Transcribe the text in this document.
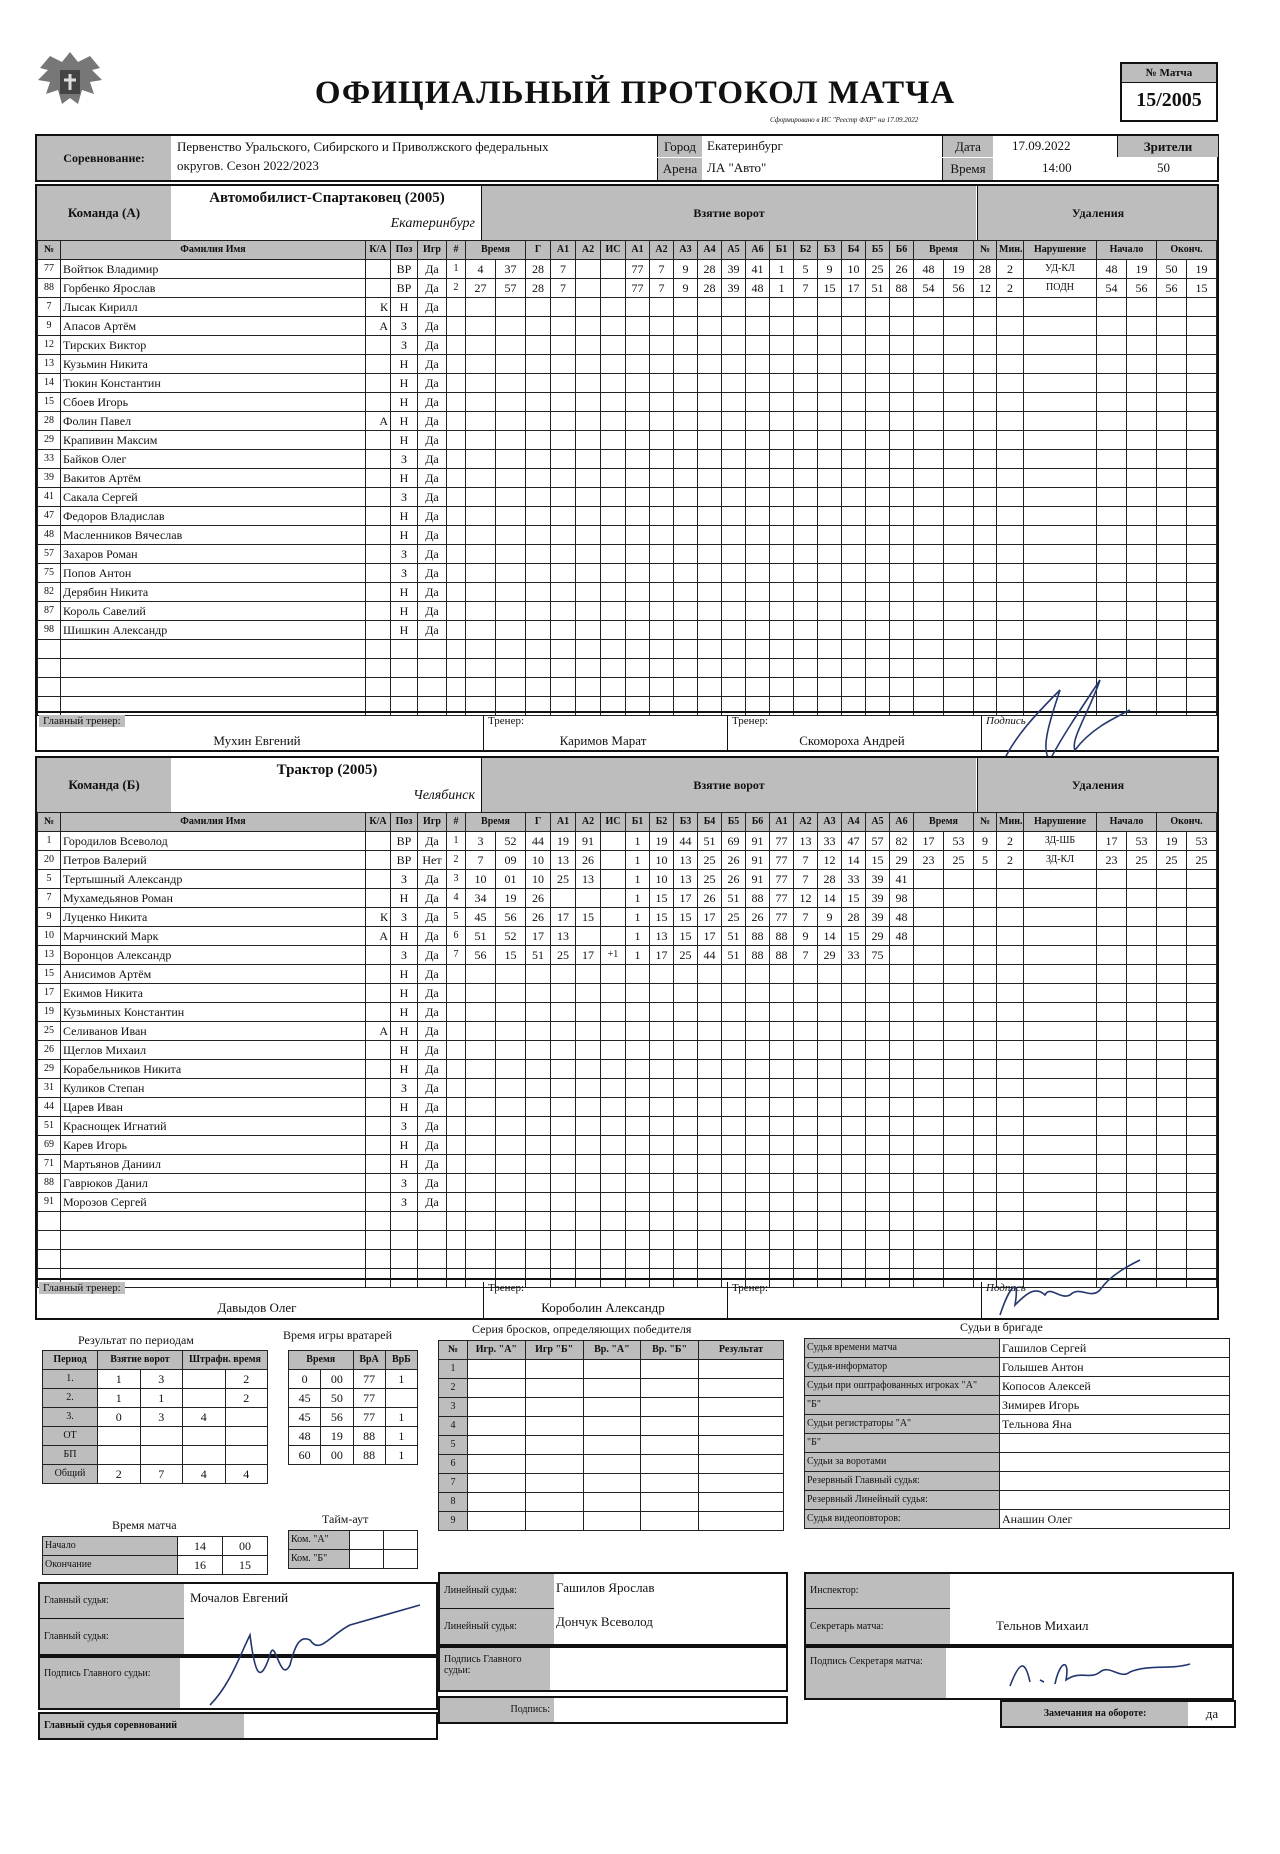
ОФИЦИАЛЬНЫЙ ПРОТОКОЛ МАТЧА
Сформировано в ИС "Реестр ФХР" на 17.09.2022
№ Матча
15/2005
Соревнование:
Первенство Уральского, Сибирского и Приволжского федеральных
округов. Сезон 2022/2023
Город Екатеринбург
Арена ЛА "Авто"
Дата	17.09.2022
Время	14:00
Зрители
50
Команда (А)
Автомобилист-Спартаковец (2005)
Екатеринбург
Взятие ворот	Удаления
№	Фамилия Имя	К/А	Поз	Игр	#	Время		Г	А1	А2	ИС	А1	А2	А3	А4	А5	А6	Б1	Б2	Б3	Б4	Б5	Б6	Время		№	Мин.	Нарушение	Начало		Оконч.	
77	Войтюк Владимир		ВР	Да	1	4	37	28	7			77	7	9	28	39	41	1	5	9	10	25	26	48	19	28	2	УД-КЛ	48	19	50	19
88	Горбенко Ярослав		ВР	Да	2	27	57	28	7			77	7	9	28	39	48	1	7	15	17	51	88	54	56	12	2	ПОДН	54	56	56	15
7	Лысак Кирилл	К	Н	Да																												
9	Апасов Артём	А	З	Да																												
12	Тирских Виктор		З	Да																												
13	Кузьмин Никита		Н	Да																												
14	Тюкин Константин		Н	Да																												
15	Сбоев Игорь		Н	Да																												
28	Фолин Павел	А	Н	Да																												
29	Крапивин Максим		Н	Да																												
33	Байков Олег		З	Да																												
39	Вакитов Артём		Н	Да																												
41	Сакала Сергей		З	Да																												
47	Федоров Владислав		Н	Да																												
48	Масленников Вячеслав		Н	Да																												
57	Захаров Роман		З	Да																												
75	Попов Антон		З	Да																												
82	Дерябин Никита		Н	Да																												
87	Король Савелий		Н	Да																												
98	Шишкин Александр		Н	Да																												

Главный тренер:
Мухин Евгений
Тренер:
Каримов Марат
Тренер:
Скомороха Андрей
Подпись
Команда (Б)
Трактор (2005)
Челябинск
Взятие ворот	Удаления
№	Фамилия Имя	К/А	Поз	Игр	#	Время		Г	А1	А2	ИС	Б1	Б2	Б3	Б4	Б5	Б6	А1	А2	А3	А4	А5	А6	Время		№	Мин.	Нарушение	Начало		Оконч.	
1	Городилов Всеволод		ВР	Да	1	3	52	44	19	91		1	19	44	51	69	91	77	13	33	47	57	82	17	53	9	2	ЗД-ШБ	17	53	19	53
20	Петров Валерий		ВР	Нет	2	7	09	10	13	26		1	10	13	25	26	91	77	7	12	14	15	29	23	25	5	2	ЗД-КЛ	23	25	25	25
5	Тертышный Александр		З	Да	3	10	01	10	25	13		1	10	13	25	26	91	77	7	28	33	39	41									
7	Мухамедьянов Роман		Н	Да	4	34	19	26				1	15	17	26	51	88	77	12	14	15	39	98									
9	Луценко Никита	К	З	Да	5	45	56	26	17	15		1	15	15	17	25	26	77	7	9	28	39	48									
10	Марчинский Марк	А	Н	Да	6	51	52	17	13			1	13	15	17	51	88	88	9	14	15	29	48									
13	Воронцов Александр		З	Да	7	56	15	51	25	17	+1	1	17	25	44	51	88	88	7	29	33	75										
15	Анисимов Артём		Н	Да																												
17	Екимов Никита		Н	Да																												
19	Кузьминых Константин		Н	Да																												
25	Селиванов Иван	А	Н	Да																												
26	Щеглов Михаил		Н	Да																												
29	Корабельников Никита		Н	Да																												
31	Куликов Степан		З	Да																												
44	Царев Иван		Н	Да																												
51	Краснощек Игнатий		З	Да																												
69	Карев Игорь		Н	Да																												
71	Мартьянов Даниил		Н	Да																												
88	Гаврюков Данил		З	Да																												
91	Морозов Сергей		З	Да																												

Главный тренер:
Давыдов Олег
Тренер:
Короболин Александр
Тренер:	Подпись
Результат по периодам
Период	Взятие ворот		Штрафн. время	
1.	1	3		2
2.	1	1		2
3.	0	3	4	
ОТ				
БП				
Общий	2	7	4	4
Время игры вратарей
Время		ВрА	ВрБ
0	00	77	1
45	50	77	
45	56	77	1
48	19	88	1
60	00	88	1
Тайм-аут
Ком. "А"		
Ком. "Б"		
Время матча
Начало	14	00
Окончание	16	15
Серия бросков, определяющих победителя
№	Игр. "А"	Игр "Б"	Вр. "А"	Вр. "Б"	Результат
1					
2					
3					
4					
5					
6					
7					
8					
9					
Судьи в бригаде
Судья времени матча	Гашилов Сергей
Судья-информатор	Голышев Антон
Судьи при оштрафованных игроках "А"	Копосов Алексей
"Б"	Зимирев Игорь
Судьи регистраторы "А"	Тельнова Яна
"Б"	
Судьи за воротами	
Резервный Главный судья:	
Резервный Линейный судья:	
Судья видеоповторов:	Анашин Олег
Главный судья:	Мочалов Евгений
Главный судья:
Подпись Главного судьи:
Главный судья соревнований
Линейный судья:	Гашилов Ярослав
Линейный судья:	Дончук Всеволод
Подпись Главного судьи:
Подпись:
Инспектор:
Секретарь матча:	Тельнов Михаил
Подпись Секретаря матча:
Замечания на обороте:	да
